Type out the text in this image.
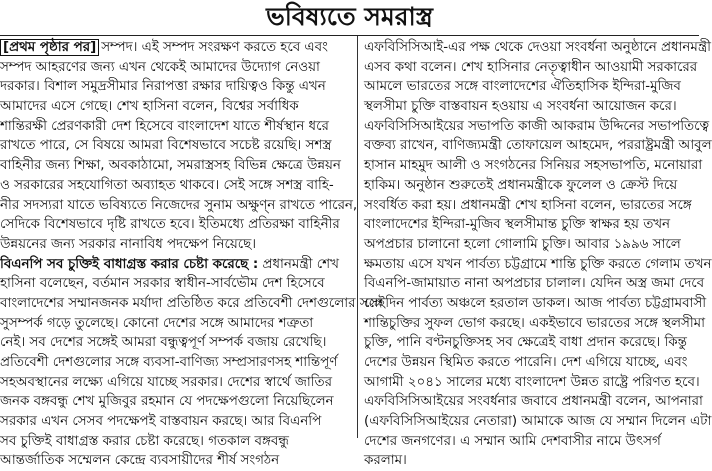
ভবিষ্যতে সমরাস্ত্র
[প্রথম পৃষ্ঠার পর] সম্পদ। এই সম্পদ সংরক্ষণ করতে হবে এবং
সম্পদ আহরণের জন্য এখন থেকেই আমাদের উদ্যোগ নেওয়া
দরকার। বিশাল সমুদ্রসীমার নিরাপত্তা রক্ষার দায়িত্বও কিন্তু এখন
আমাদের এসে গেছে। শেখ হাসিনা বলেন, বিশ্বের সর্বাধিক
শান্তিরক্ষী প্রেরণকারী দেশ হিসেবে বাংলাদেশ যাতে শীর্ষস্থান ধরে
রাখতে পারে, সে বিষয়ে আমরা বিশেষভাবে সচেষ্ট রয়েছি। সশস্ত্র
বাহিনীর জন্য শিক্ষা, অবকাঠামো, সমরাস্ত্রসহ বিভিন্ন ক্ষেত্রে উন্নয়ন
ও সরকারের সহযোগিতা অব্যাহত থাকবে। সেই সঙ্গে সশস্ত্র বাহি-
নীর সদস্যরা যাতে ভবিষ্যতে নিজেদের সুনাম অক্ষুণ্ন রাখতে পারেন,
সেদিকে বিশেষভাবে দৃষ্টি রাখতে হবে। ইতিমধ্যে প্রতিরক্ষা বাহিনীর
উন্নয়নের জন্য সরকার নানাবিধ পদক্ষেপ নিয়েছে।
বিএনপি সব চুক্তিই বাধাগ্রস্ত করার চেষ্টা করেছে : প্রধানমন্ত্রী শেখ
হাসিনা বলেছেন, বর্তমান সরকার স্বাধীন-সার্বভৌম দেশ হিসেবে
বাংলাদেশের সম্মানজনক মর্যাদা প্রতিষ্ঠিত করে প্রতিবেশী দেশগুলোর সঙ্গে
সুসম্পর্ক গড়ে তুলেছে। কোনো দেশের সঙ্গে আমাদের শত্রুতা
নেই। সব দেশের সঙ্গেই আমরা বন্ধুত্বপূর্ণ সম্পর্ক বজায় রেখেছি।
প্রতিবেশী দেশগুলোর সঙ্গে ব্যবসা-বাণিজ্য সম্প্রসারণসহ শান্তিপূর্ণ
সহঅবস্থানের লক্ষ্যে এগিয়ে যাচ্ছে সরকার। দেশের স্বার্থে জাতির
জনক বঙ্গবন্ধু শেখ মুজিবুর রহমান যে পদক্ষেপগুলো নিয়েছিলেন
সরকার এখন সেসব পদক্ষেপই বাস্তবায়ন করছে। আর বিএনপি
সব চুক্তিই বাধাগ্রস্ত করার চেষ্টা করেছে। গতকাল বঙ্গবন্ধু
আন্তর্জাতিক সম্মেলন কেন্দ্রে ব্যবসায়ীদের শীর্ষ সংগঠন
এফবিসিসিআই-এর পক্ষ থেকে দেওয়া সংবর্ধনা অনুষ্ঠানে প্রধানমন্ত্রী
এসব কথা বলেন। শেখ হাসিনার নেতৃত্বাধীন আওয়ামী সরকারের
আমলে ভারতের সঙ্গে বাংলাদেশের ঐতিহাসিক ইন্দিরা-মুজিব
স্থলসীমা চুক্তি বাস্তবায়ন হওয়ায় এ সংবর্ধনা আয়োজন করে।
এফবিসিসিআইয়ের সভাপতি কাজী আকরাম উদ্দিনের সভাপতিত্বে
বক্তব্য রাখেন, বাণিজ্যমন্ত্রী তোফায়েল আহমেদ, পররাষ্ট্রমন্ত্রী আবুল
হাসান মাহমুদ আলী ও সংগঠনের সিনিয়র সহসভাপতি, মনোয়ারা
হাকিম। অনুষ্ঠান শুরুতেই প্রধানমন্ত্রীকে ফুলেল ও ক্রেস্ট দিয়ে
সংবর্ধিত করা হয়। প্রধানমন্ত্রী শেখ হাসিনা বলেন, ভারতের সঙ্গে
বাংলাদেশের ইন্দিরা-মুজিব স্থলসীমান্ত চুক্তি স্বাক্ষর হয় তখন
অপপ্রচার চালানো হলো গোলামি চুক্তি। আবার ১৯৯৬ সালে
ক্ষমতায় এসে যখন পার্বত্য চট্টগ্রামে শান্তি চুক্তি করতে গেলাম তখন
বিএনপি-জামায়াত নানা অপপ্রচার চালাল। যেদিন অস্ত্র জমা দেবে
সেইদিন পার্বত্য অঞ্চলে হরতাল ডাকল। আজ পার্বত্য চট্টগ্রামবাসী
শান্তিচুক্তির সুফল ভোগ করছে। একইভাবে ভারতের সঙ্গে স্থলসীমা
চুক্তি, পানি বণ্টনচুক্তিসহ সব ক্ষেত্রেই বাধা প্রদান করেছে। কিন্তু
দেশের উন্নয়ন স্থিমিত করতে পারেনি। দেশ এগিয়ে যাচ্ছে, এবং
আগামী ২০৪১ সালের মধ্যে বাংলাদেশ উন্নত রাষ্ট্রে পরিণত হবে।
এফবিসিসিআইয়ের সংবর্ধনার জবাবে প্রধানমন্ত্রী বলেন, আপনারা
(এফবিসিসিআইয়ের নেতারা) আমাকে আজ যে সম্মান দিলেন এটা
দেশের জনগণের। এ সম্মান আমি দেশবাসীর নামে উৎসর্গ
করলাম।
